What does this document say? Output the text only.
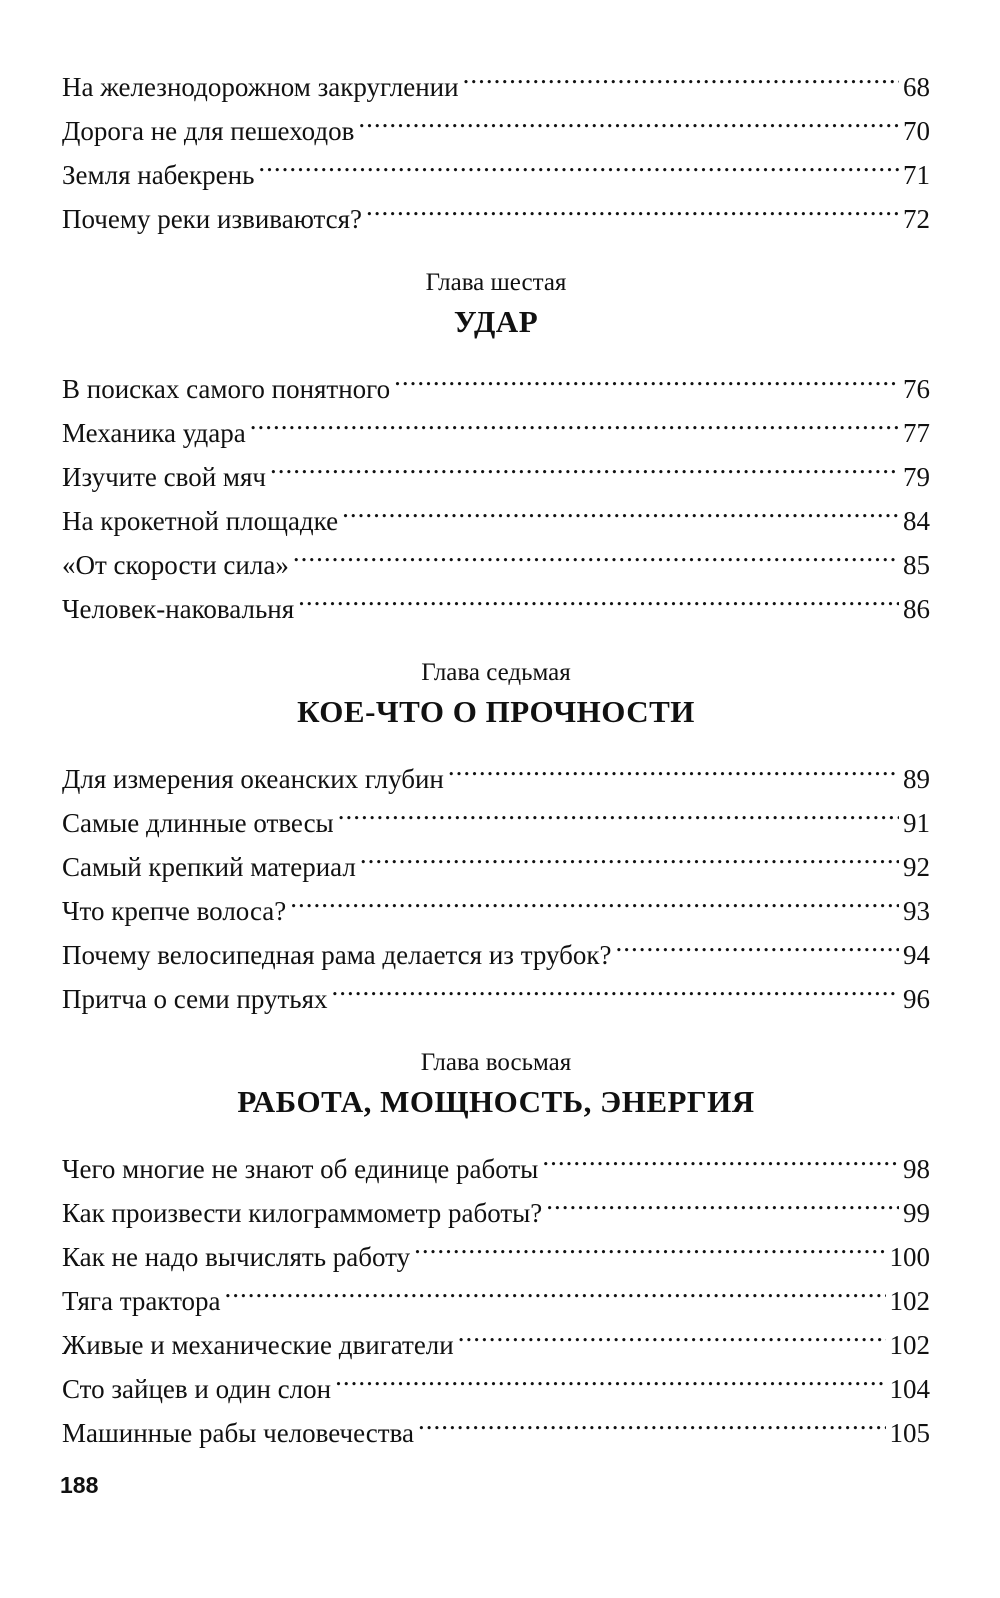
На железнодорожном закруглении .....	68
Дорога не для пешеходов .....	70
Земля набекрень .....	71
Почему реки извиваются? .....	72
Глава шестая
УДАР
В поисках самого понятного .....	76
Механика удара .....	77
Изучите свой мяч .....	79
На крокетной площадке .....	84
«От скорости сила» .....	85
Человек-наковальня .....	86
Глава седьмая
КОЕ-ЧТО О ПРОЧНОСТИ
Для измерения океанских глубин .....	89
Самые длинные отвесы .....	91
Самый крепкий материал .....	92
Что крепче волоса? .....	93
Почему велосипедная рама делается из трубок? .....	94
Притча о семи прутьях .....	96
Глава восьмая
РАБОТА, МОЩНОСТЬ, ЭНЕРГИЯ
Чего многие не знают об единице работы .....	98
Как произвести килограммометр работы? .....	99
Как не надо вычислять работу .....	100
Тяга трактора .....	102
Живые и механические двигатели .....	102
Сто зайцев и один слон .....	104
Машинные рабы человечества .....	105
188
